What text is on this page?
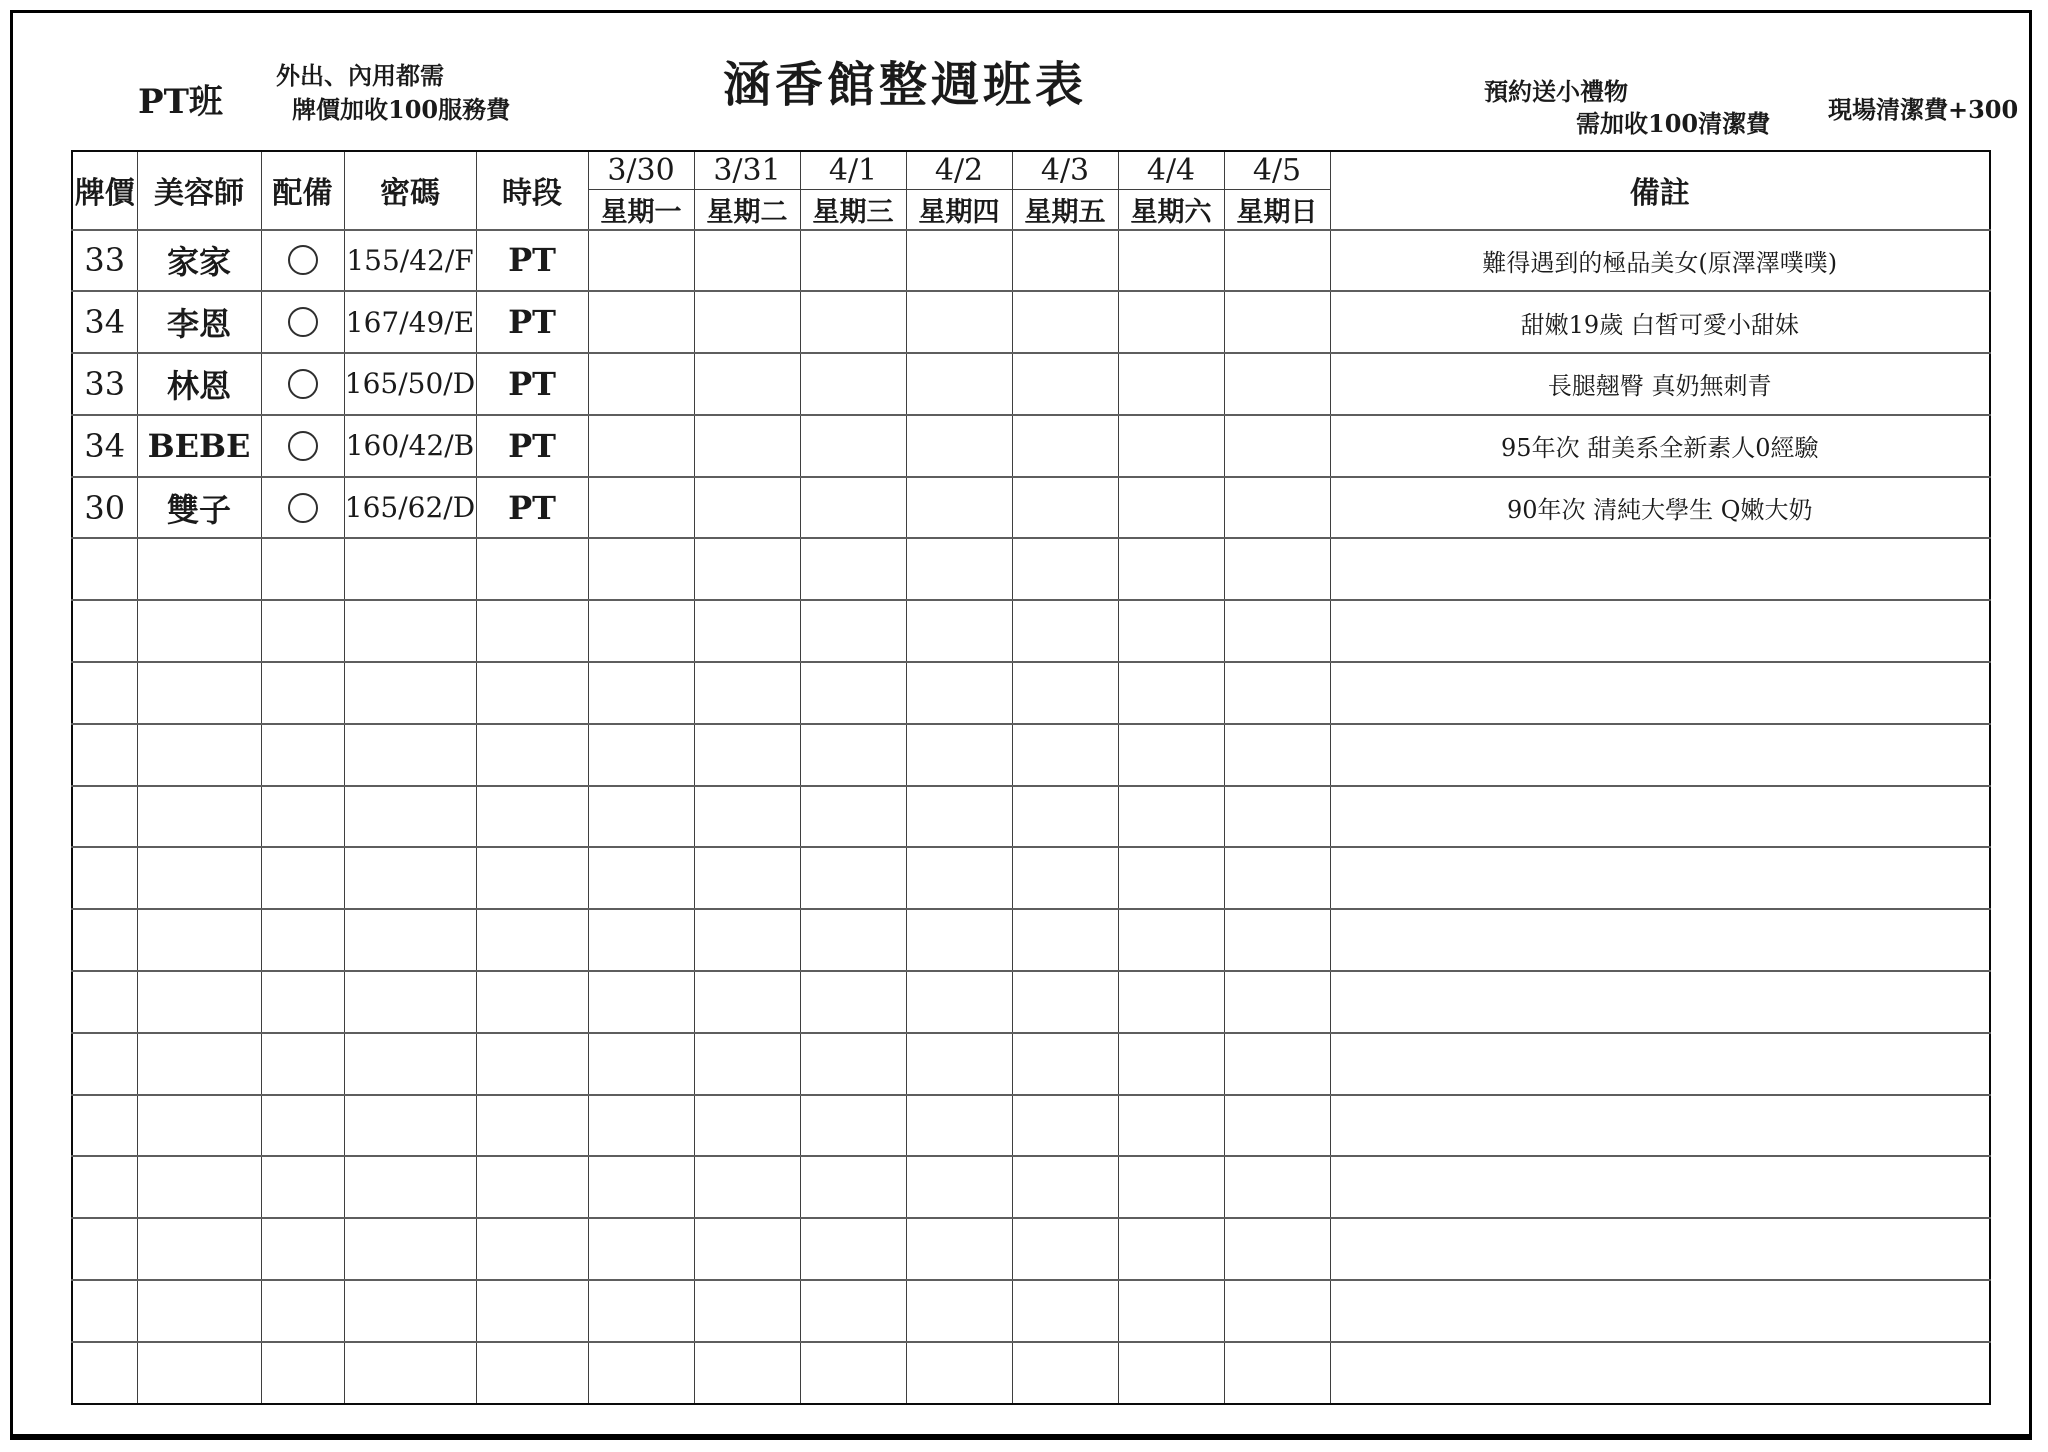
PT班
外出、內用都需
牌價加收100服務費	涵香館整週班表	預約送小禮物
需加收100清潔費 現場清潔費+300
牌價	美容師	配備	密碼	時段	3/30	3/31	4/1	4/2	4/3	4/4	4/5	備註
					星期一	星期二	星期三	星期四	星期五	星期六	星期日	
33	家家		155/42/F	PT								難得遇到的極品美女(原澤澤噗噗)
34	李恩		167/49/E	PT								甜嫩19歲 白皙可愛小甜妹
33	林恩		165/50/D	PT								長腿翹臀 真奶無刺青
34	BEBE		160/42/B	PT								95年次 甜美系全新素人0經驗
30	雙子		165/62/D	PT								90年次 清純大學生 Q嫩大奶
